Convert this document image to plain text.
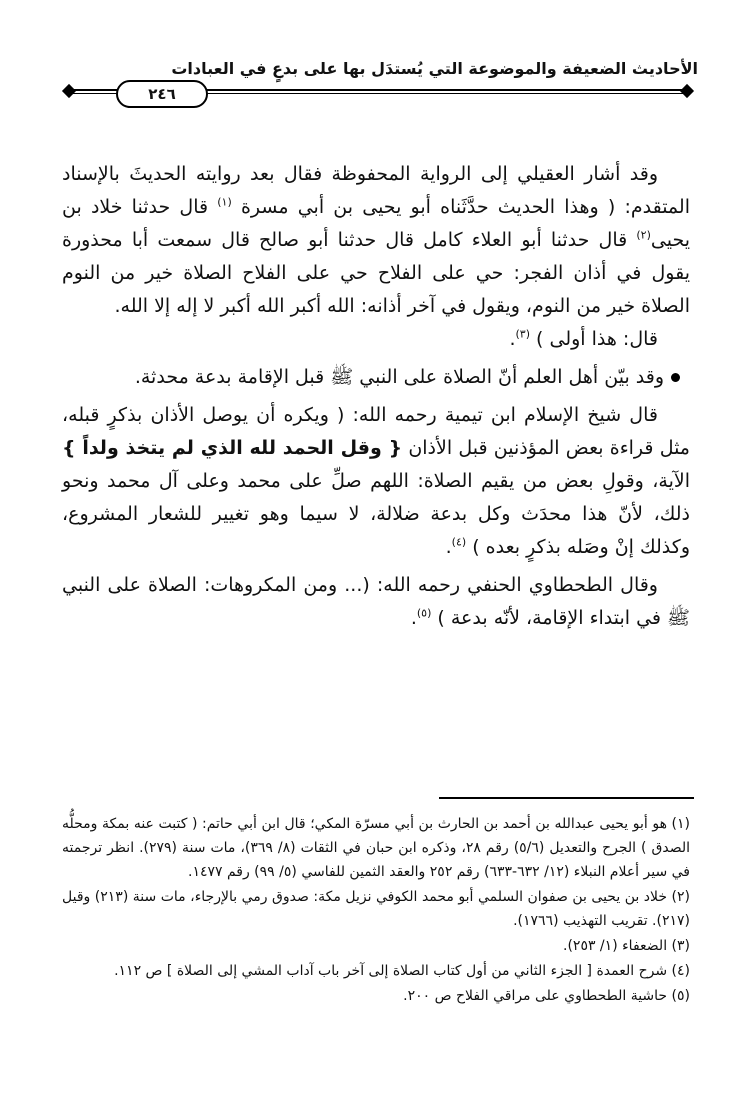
الأحاديث الضعيفة والموضوعة التي يُستدَل بها على بدعٍ في العبادات
٢٤٦

وقد أشار العقيلي إلى الرواية المحفوظة فقال بعد روايته الحديثَ بالإسناد المتقدم: ( وهذا الحديث حدَّثَناه أبو يحيى بن أبي مسرة $^{(١)}$ قال حدثنا خلاد بن يحيى$^{(٢)}$ قال حدثنا أبو العلاء كامل قال حدثنا أبو صالح قال سمعت أبا محذورة يقول في أذان الفجر: حي على الفلاح حي على الفلاح الصلاة خير من النوم الصلاة خير من النوم، ويقول في آخر أذانه: الله أكبر الله أكبر لا إله إلا الله.

قال: هذا أولى ) $^{(٣)}$.

وقد بيّن أهل العلم أنّ الصلاة على النبي ﷺ قبل الإقامة بدعة محدثة.

قال شيخ الإسلام ابن تيمية رحمه الله: ( ويكره أن يوصل الأذان بذكرٍ قبله، مثل قراءة بعض المؤذنين قبل الأذان { وقل الحمد لله الذي لم يتخذ ولداً } الآية، وقولِ بعض من يقيم الصلاة: اللهم صلِّ على محمد وعلى آل محمد ونحو ذلك، لأنّ هذا محدَث وكل بدعة ضلالة، لا سيما وهو تغيير للشعار المشروع، وكذلك إنْ وصَله بذكرٍ بعده ) $^{(٤)}$.

وقال الطحطاوي الحنفي رحمه الله: (... ومن المكروهات: الصلاة على النبي ﷺ في ابتداء الإقامة، لأنّه بدعة ) $^{(٥)}$.

(١) هو أبو يحيى عبدالله بن أحمد بن الحارث بن أبي مسرّة المكي؛ قال ابن أبي حاتم: ( كتبت عنه بمكة ومحلُّه الصدق ) الجرح والتعديل (٥/٦) رقم ٢٨، وذكره ابن حبان في الثقات (٨/ ٣٦٩)، مات سنة (٢٧٩). انظر ترجمته في سير أعلام النبلاء (١٢/ ٦٣٢-٦٣٣) رقم ٢٥٢ والعقد الثمين للفاسي (٥/ ٩٩) رقم ١٤٧٧.

(٢) خلاد بن يحيى بن صفوان السلمي أبو محمد الكوفي نزيل مكة: صدوق رمي بالإرجاء، مات سنة (٢١٣) وقيل (٢١٧). تقريب التهذيب (١٧٦٦).

(٣) الضعفاء (١/ ٢٥٣).

(٤) شرح العمدة [ الجزء الثاني من أول كتاب الصلاة إلى آخر باب آداب المشي إلى الصلاة ] ص ١١٢.

(٥) حاشية الطحطاوي على مراقي الفلاح ص ٢٠٠.
